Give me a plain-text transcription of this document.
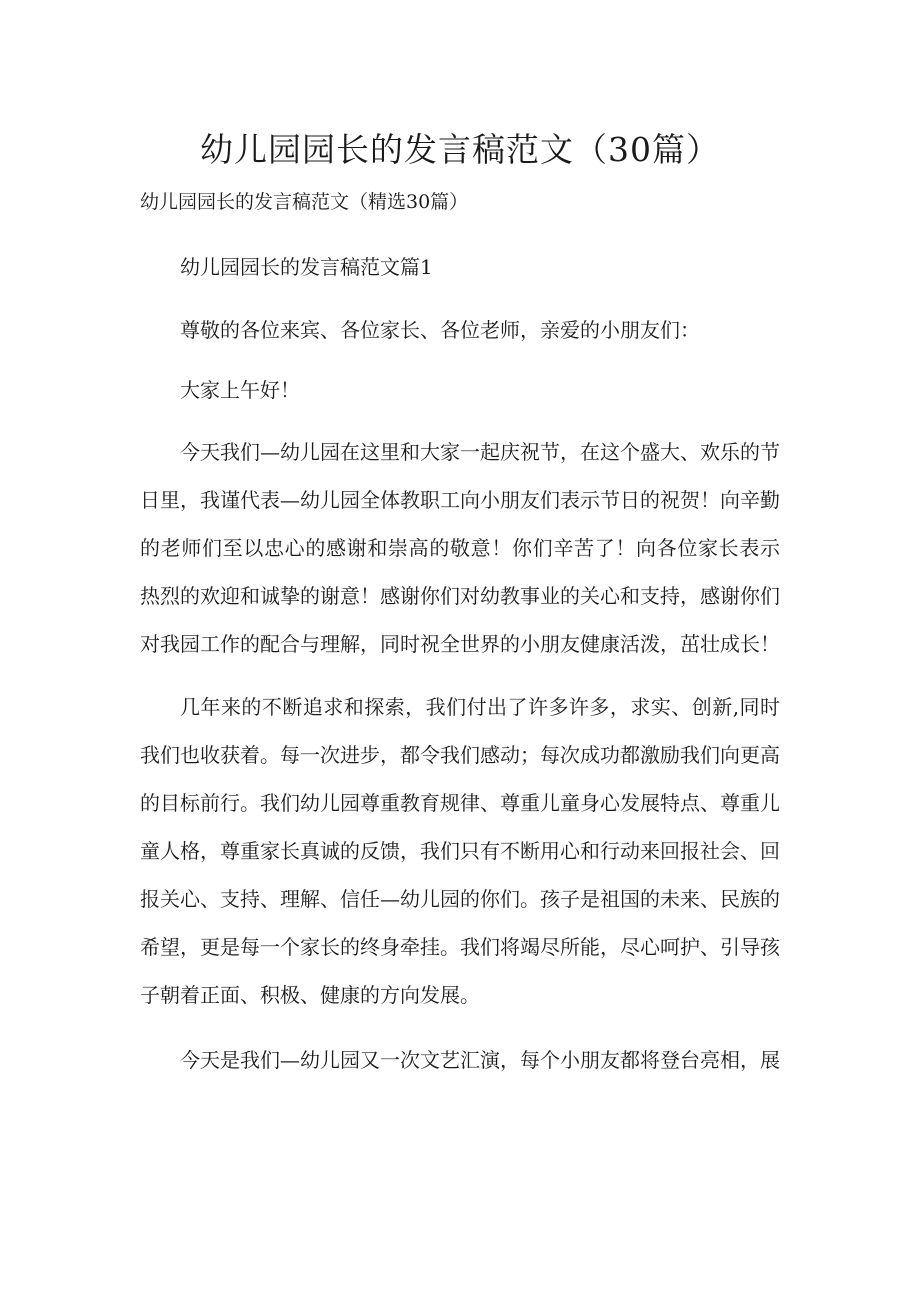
幼儿园园长的发言稿范文（30篇）

幼儿园园长的发言稿范文（精选30篇）

幼儿园园长的发言稿范文篇1

尊敬的各位来宾、各位家长、各位老师，亲爱的小朋友们：

大家上午好！

今天我们—幼儿园在这里和大家一起庆祝节，在这个盛大、欢乐的节

日里，我谨代表—幼儿园全体教职工向小朋友们表示节日的祝贺！向辛勤

的老师们至以忠心的感谢和崇高的敬意！你们辛苦了！向各位家长表示

热烈的欢迎和诚挚的谢意！感谢你们对幼教事业的关心和支持，感谢你们

对我园工作的配合与理解，同时祝全世界的小朋友健康活泼，茁壮成长！

几年来的不断追求和探索，我们付出了许多许多，求实、创新,同时

我们也收获着。每一次进步，都令我们感动；每次成功都激励我们向更高

的目标前行。我们幼儿园尊重教育规律、尊重儿童身心发展特点、尊重儿

童人格，尊重家长真诚的反馈，我们只有不断用心和行动来回报社会、回

报关心、支持、理解、信任—幼儿园的你们。孩子是祖国的未来、民族的

希望，更是每一个家长的终身牵挂。我们将竭尽所能，尽心呵护、引导孩

子朝着正面、积极、健康的方向发展。

今天是我们—幼儿园又一次文艺汇演，每个小朋友都将登台亮相，展
